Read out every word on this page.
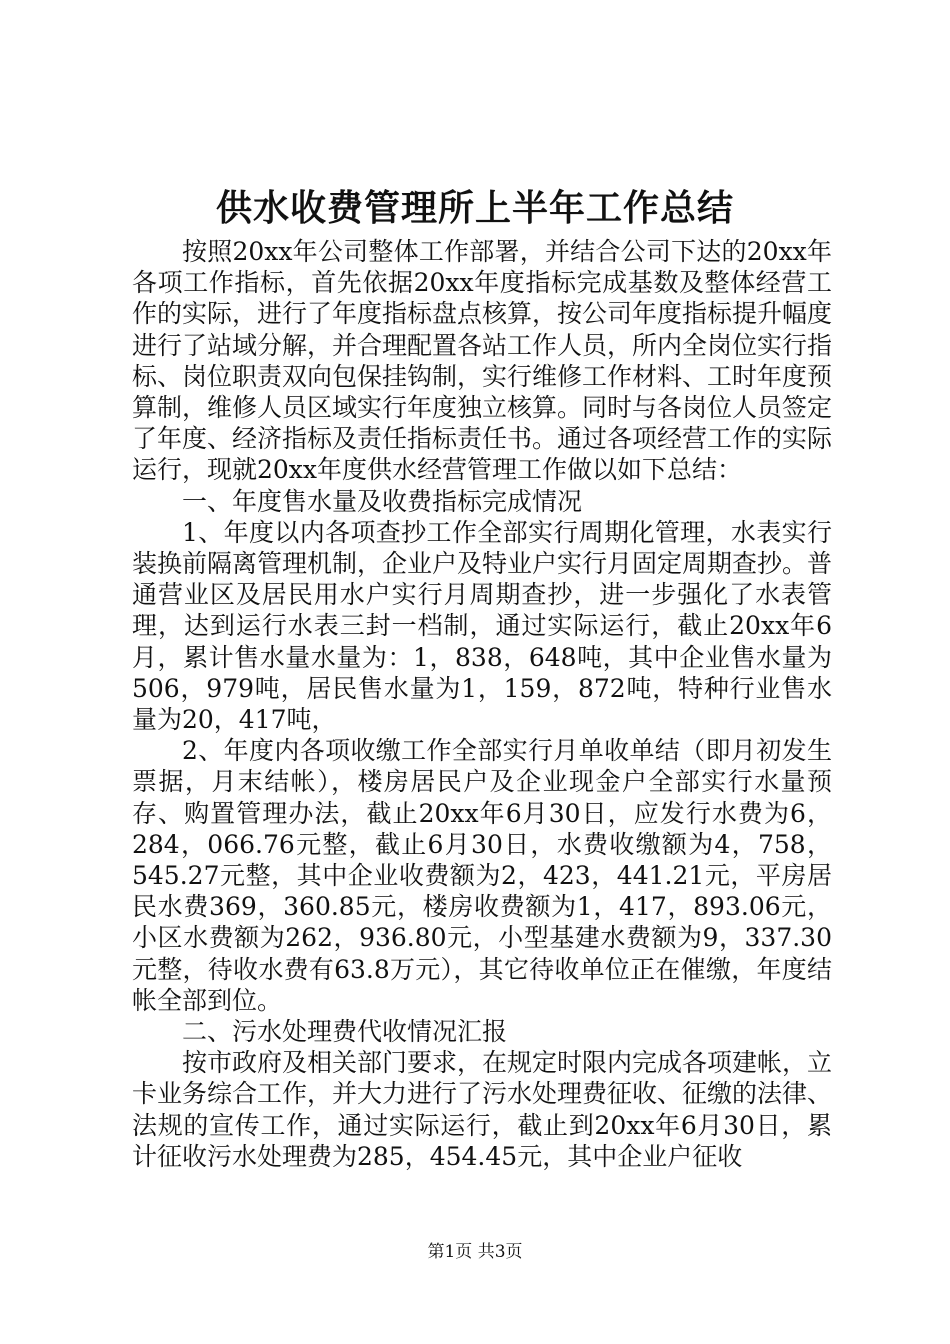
供水收费管理所上半年工作总结

按照20xx年公司整体工作部署，并结合公司下达的20xx年各项工作指标，首先依据20xx年度指标完成基数及整体经营工作的实际，进行了年度指标盘点核算，按公司年度指标提升幅度进行了站域分解，并合理配置各站工作人员，所内全岗位实行指标、岗位职责双向包保挂钩制，实行维修工作材料、工时年度预算制，维修人员区域实行年度独立核算。同时与各岗位人员签定了年度、经济指标及责任指标责任书。通过各项经营工作的实际运行，现就20xx年度供水经营管理工作做以如下总结：

一、年度售水量及收费指标完成情况

1、年度以内各项查抄工作全部实行周期化管理，水表实行装换前隔离管理机制，企业户及特业户实行月固定周期查抄。普通营业区及居民用水户实行月周期查抄，进一步强化了水表管理，达到运行水表三封一档制，通过实际运行，截止20xx年6月，累计售水量水量为：1，838，648吨，其中企业售水量为506，979吨，居民售水量为1，159，872吨，特种行业售水量为20，417吨，

2、年度内各项收缴工作全部实行月单收单结（即月初发生票据，月末结帐），楼房居民户及企业现金户全部实行水量预存、购置管理办法，截止20xx年6月30日，应发行水费为6，284，066.76元整，截止6月30日，水费收缴额为4，758，545.27元整，其中企业收费额为2，423，441.21元，平房居民水费369，360.85元，楼房收费额为1，417，893.06元，小区水费额为262，936.80元，小型基建水费额为9，337.30元整，待收水费有63.8万元），其它待收单位正在催缴，年度结帐全部到位。

二、污水处理费代收情况汇报

按市政府及相关部门要求，在规定时限内完成各项建帐，立卡业务综合工作，并大力进行了污水处理费征收、征缴的法律、法规的宣传工作，通过实际运行，截止到20xx年6月30日，累计征收污水处理费为285，454.45元，其中企业户征收

第1页 共3页
